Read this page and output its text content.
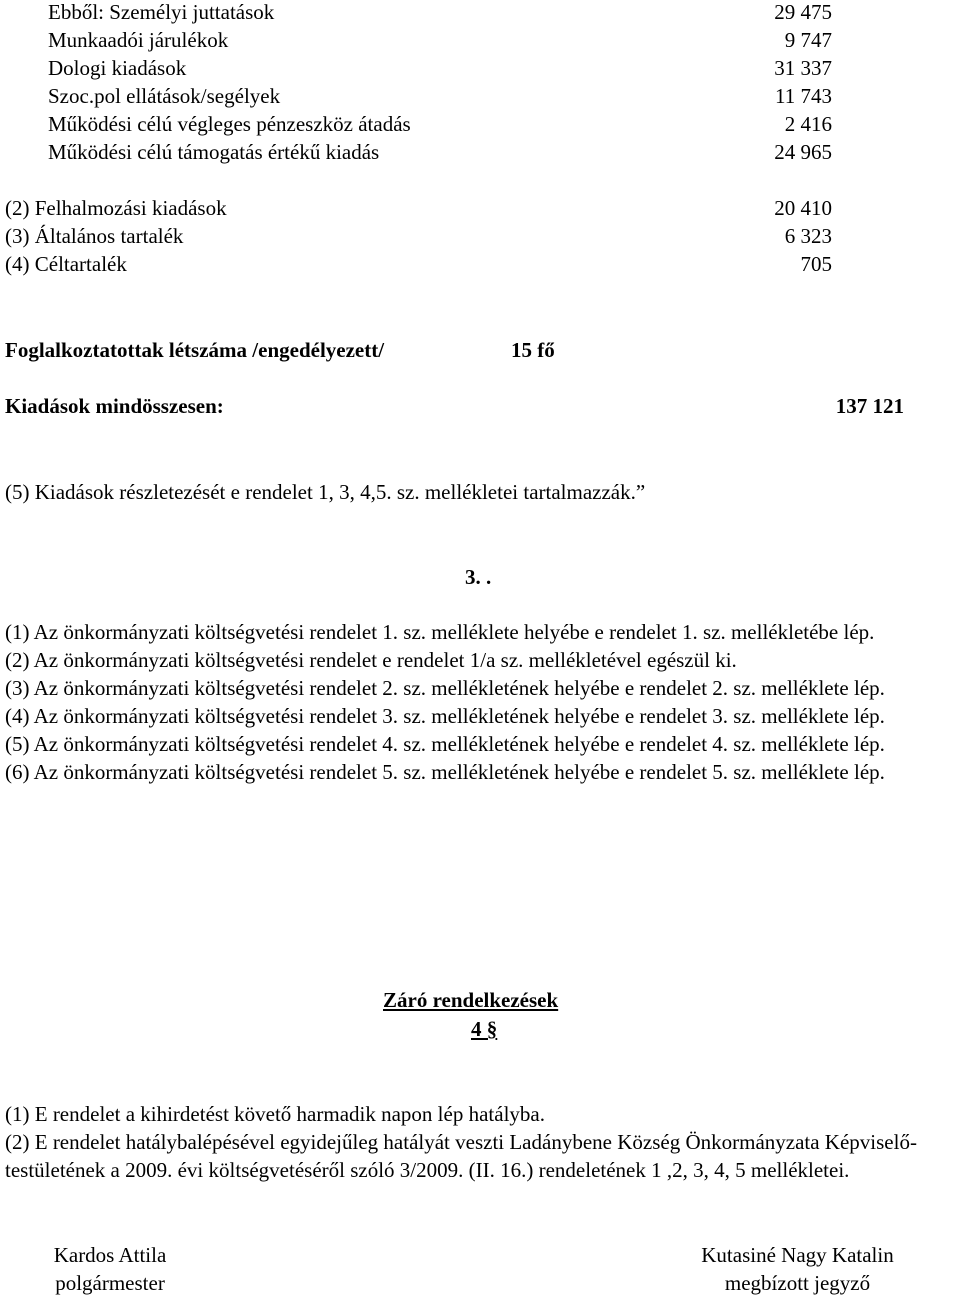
Ebből: Személyi juttatások	29 475
Munkaadói járulékok	9 747
Dologi kiadások	31 337
Szoc.pol ellátások/segélyek	11 743
Működési célú végleges pénzeszköz átadás	2 416
Működési célú támogatás értékű kiadás	24 965
(2) Felhalmozási kiadások	20 410
(3) Általános tartalék	6 323
(4) Céltartalék	705
Foglalkoztatottak létszáma /engedélyezett/	15 fő
Kiadások mindösszesen:	137 121
(5) Kiadások részletezését e rendelet 1, 3, 4,5. sz. mellékletei tartalmazzák.”
3. .

(1) Az önkormányzati költségvetési rendelet 1. sz. melléklete helyébe e rendelet 1. sz. mellékletébe lép.

(2) Az önkormányzati költségvetési rendelet e rendelet 1/a sz. mellékletével egészül ki.

(3) Az önkormányzati költségvetési rendelet 2. sz. mellékletének helyébe e rendelet 2. sz. melléklete lép.

(4) Az önkormányzati költségvetési rendelet 3. sz. mellékletének helyébe e rendelet 3. sz. melléklete lép.

(5) Az önkormányzati költségvetési rendelet 4. sz. mellékletének helyébe e rendelet 4. sz. melléklete lép.

(6) Az önkormányzati költségvetési rendelet 5. sz. mellékletének helyébe e rendelet 5. sz. melléklete lép.

Záró rendelkezések
4 §

(1) E rendelet a kihirdetést követő harmadik napon lép hatályba.

(2) E rendelet hatálybalépésével egyidejűleg hatályát veszti Ladánybene Község Önkormányzata Képviselő-testületének a 2009. évi költségvetéséről szóló 3/2009. (II. 16.) rendeletének 1 ,2, 3, 4, 5 mellékletei.

Kardos Attila
polgármester
Kutasiné Nagy Katalin
megbízott jegyző
